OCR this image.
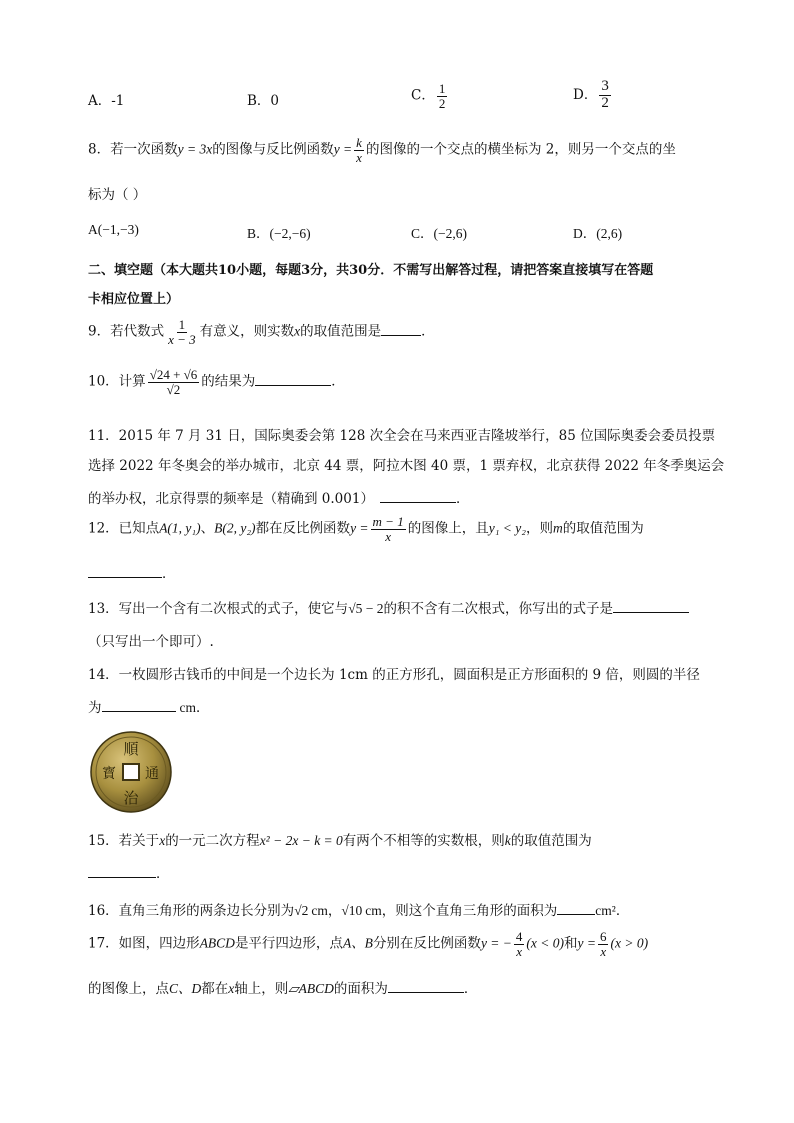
A．-1	B．0	C． $\frac{1}{2}$	D． $\frac{3}{2}$
8．若一次函数y = 3x的图像与反比例函数$y = \frac{k}{x}$ 的图像的一个交点的横坐标为 2，则另一个交点的坐
标为（ ）
A(−1,−3)	B．(−2,−6)	C．(−2,6)	D．(2,6)
二、填空题（本大题共10小题，每题3分，共30分．不需写出解答过程，请把答案直接填写在答题
卡相应位置上）
9．若代数式 $\frac{1}{x - 3}$ 有意义，则实数x的取值范围是	．
10．计算 $\frac{√24 + √6}{√2}$ 的结果为	．
11．2015 年 7 月 31 日，国际奥委会第 128 次全会在马来西亚吉隆坡举行，85 位国际奥委会委员投票
选择 2022 年冬奥会的举办城市，北京 44 票，阿拉木图 40 票，1 票弃权，北京获得 2022 年冬季奥运会
的举办权，北京得票的频率是（精确到 0.001）	．
12．已知点A(1, y₁)、B(2, y₂)都在反比例函数$y = \frac{m - 1}{x}$ 的图像上，且y₁ < y₂，则m的取值范围为
．
13．写出一个含有二次根式的式子，使它与√5 − 2的积不含有二次根式，你写出的式子是
（只写出一个即可）.
14．一枚圆形古钱币的中间是一个边长为 1cm 的正方形孔，圆面积是正方形面积的 9 倍，则圆的半径
为	cm．
順
通
治
寳
15．若关于x的一元二次方程x² − 2x − k = 0有两个不相等的实数根，则k的取值范围为
．
16．直角三角形的两条边长分别为√2 cm，√10 cm，则这个直角三角形的面积为	cm²．
17．如图，四边形ABCD是平行四边形，点A、B分别在反比例函数y = − $\frac{4}{x} (x < 0)$和$y = \frac{6}{x} (x > 0)$
的图像上，点C、D都在x轴上，则▱ABCD的面积为	．
